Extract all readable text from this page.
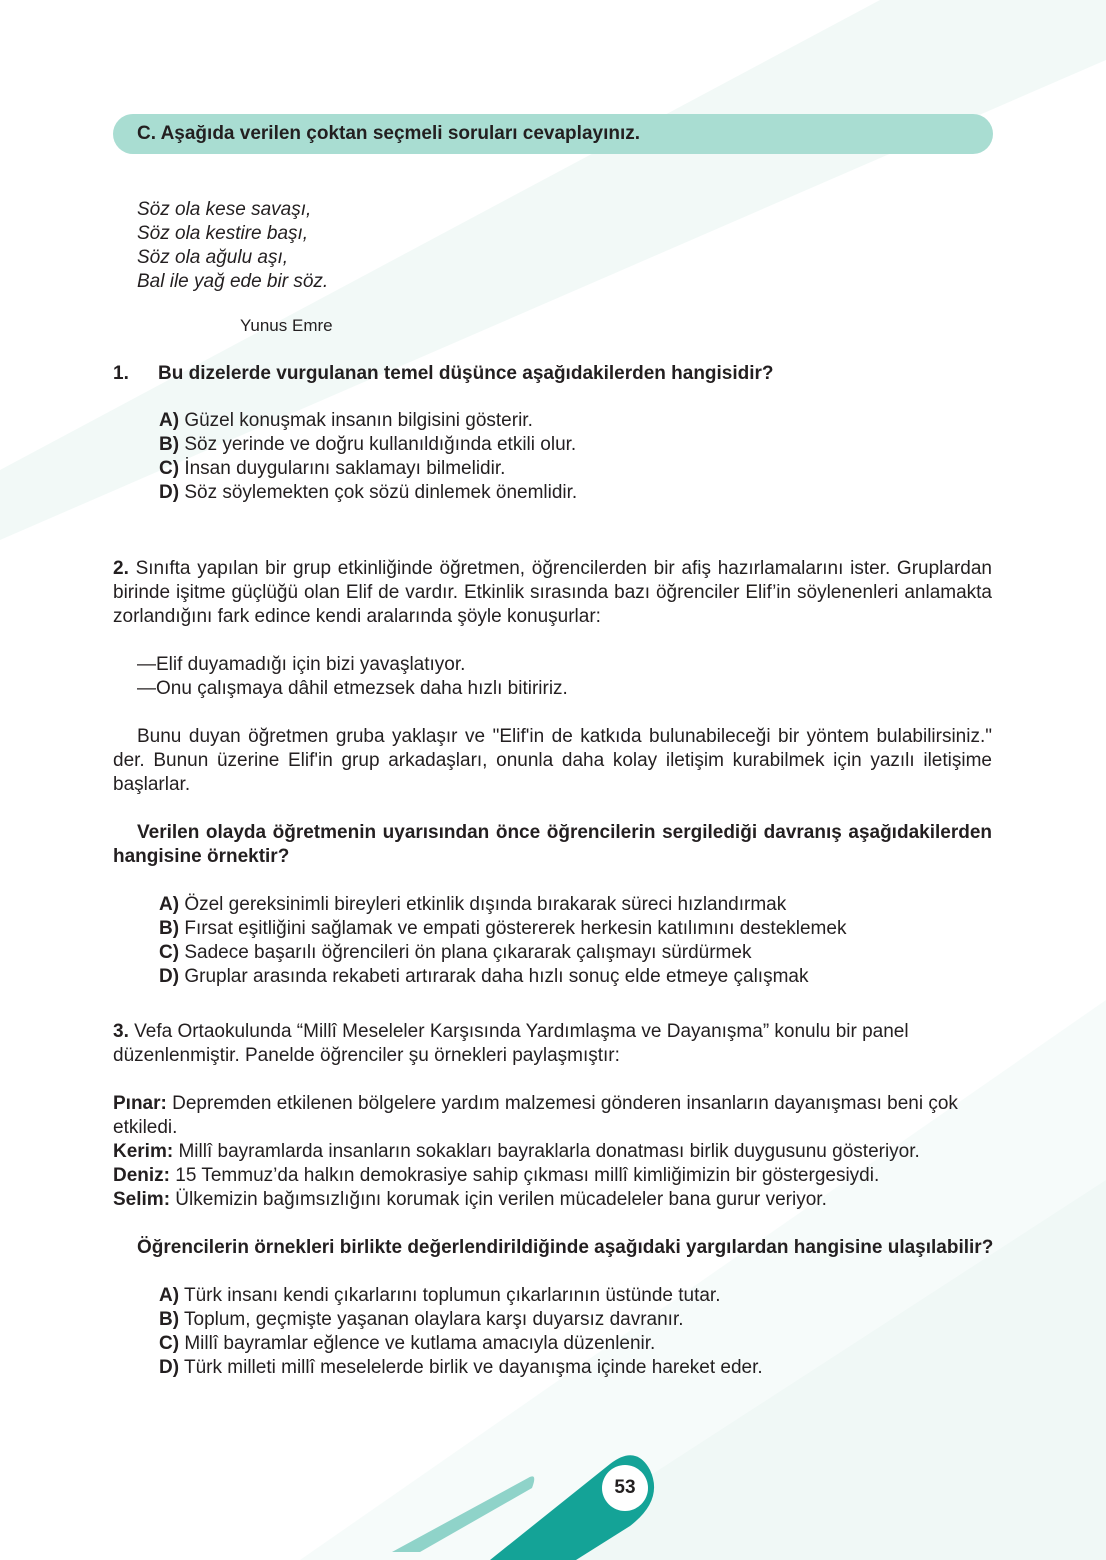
C. Aşağıda verilen çoktan seçmeli soruları cevaplayınız.
Söz ola kese savaşı,
Söz ola kestire başı,
Söz ola ağulu aşı,
Bal ile yağ ede bir söz.
Yunus Emre
1. Bu dizelerde vurgulanan temel düşünce aşağıdakilerden hangisidir?
A) Güzel konuşmak insanın bilgisini gösterir.
B) Söz yerinde ve doğru kullanıldığında etkili olur.
C) İnsan duygularını saklamayı bilmelidir.
D) Söz söylemekten çok sözü dinlemek önemlidir.
2. Sınıfta yapılan bir grup etkinliğinde öğretmen, öğrencilerden bir afiş hazırlamalarını ister. Gruplardan birinde işitme güçlüğü olan Elif de vardır. Etkinlik sırasında bazı öğrenciler Elif’in söylenenleri anlamakta zorlandığını fark edince kendi aralarında şöyle konuşurlar:
—Elif duyamadığı için bizi yavaşlatıyor.
—Onu çalışmaya dâhil etmezsek daha hızlı bitiririz.
Bunu duyan öğretmen gruba yaklaşır ve "Elif'in de katkıda bulunabileceği bir yöntem bulabilirsiniz." der. Bunun üzerine Elif'in grup arkadaşları, onunla daha kolay iletişim kurabilmek için yazılı iletişime başlarlar.
Verilen olayda öğretmenin uyarısından önce öğrencilerin sergilediği davranış aşağıdakilerden hangisine örnektir?
A) Özel gereksinimli bireyleri etkinlik dışında bırakarak süreci hızlandırmak
B) Fırsat eşitliğini sağlamak ve empati göstererek herkesin katılımını desteklemek
C) Sadece başarılı öğrencileri ön plana çıkararak çalışmayı sürdürmek
D) Gruplar arasında rekabeti artırarak daha hızlı sonuç elde etmeye çalışmak
3. Vefa Ortaokulunda “Millî Meseleler Karşısında Yardımlaşma ve Dayanışma” konulu bir panel düzenlenmiştir. Panelde öğrenciler şu örnekleri paylaşmıştır:
Pınar: Depremden etkilenen bölgelere yardım malzemesi gönderen insanların dayanışması beni çok etkiledi.
Kerim: Millî bayramlarda insanların sokakları bayraklarla donatması birlik duygusunu gösteriyor.
Deniz: 15 Temmuz’da halkın demokrasiye sahip çıkması millî kimliğimizin bir göstergesiydi.
Selim: Ülkemizin bağımsızlığını korumak için verilen mücadeleler bana gurur veriyor.
Öğrencilerin örnekleri birlikte değerlendirildiğinde aşağıdaki yargılardan hangisine ulaşılabilir?
A) Türk insanı kendi çıkarlarını toplumun çıkarlarının üstünde tutar.
B) Toplum, geçmişte yaşanan olaylara karşı duyarsız davranır.
C) Millî bayramlar eğlence ve kutlama amacıyla düzenlenir.
D) Türk milleti millî meselelerde birlik ve dayanışma içinde hareket eder.
53
